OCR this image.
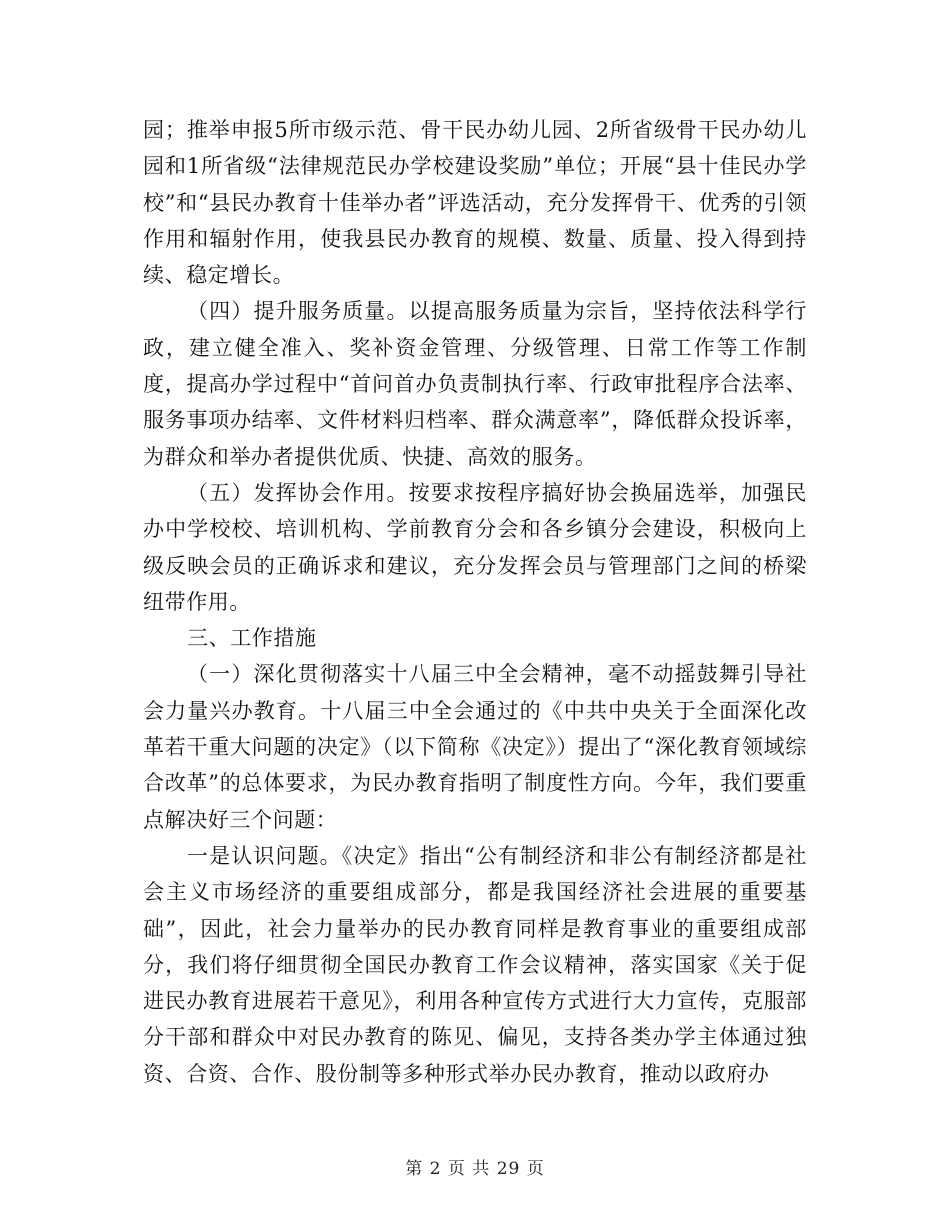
园；推举申报5所市级示范、骨干民办幼儿园、2所省级骨干民办幼儿园和1所省级“法律规范民办学校建设奖励”单位；开展“县十佳民办学校”和“县民办教育十佳举办者”评选活动，充分发挥骨干、优秀的引领作用和辐射作用，使我县民办教育的规模、数量、质量、投入得到持续、稳定增长。

（四）提升服务质量。以提高服务质量为宗旨，坚持依法科学行政，建立健全准入、奖补资金管理、分级管理、日常工作等工作制度，提高办学过程中“首问首办负责制执行率、行政审批程序合法率、服务事项办结率、文件材料归档率、群众满意率”，降低群众投诉率，为群众和举办者提供优质、快捷、高效的服务。

（五）发挥协会作用。按要求按程序搞好协会换届选举，加强民办中学校校、培训机构、学前教育分会和各乡镇分会建设，积极向上级反映会员的正确诉求和建议，充分发挥会员与管理部门之间的桥梁纽带作用。

三、工作措施

（一）深化贯彻落实十八届三中全会精神，毫不动摇鼓舞引导社会力量兴办教育。十八届三中全会通过的《中共中央关于全面深化改革若干重大问题的决定》（以下简称《决定》）提出了“深化教育领域综合改革”的总体要求，为民办教育指明了制度性方向。今年，我们要重点解决好三个问题：

一是认识问题。《决定》指出“公有制经济和非公有制经济都是社会主义市场经济的重要组成部分，都是我国经济社会进展的重要基础”，因此，社会力量举办的民办教育同样是教育事业的重要组成部分，我们将仔细贯彻全国民办教育工作会议精神，落实国家《关于促进民办教育进展若干意见》，利用各种宣传方式进行大力宣传，克服部分干部和群众中对民办教育的陈见、偏见，支持各类办学主体通过独资、合资、合作、股份制等多种形式举办民办教育，推动以政府办

第 2 页 共 29 页
